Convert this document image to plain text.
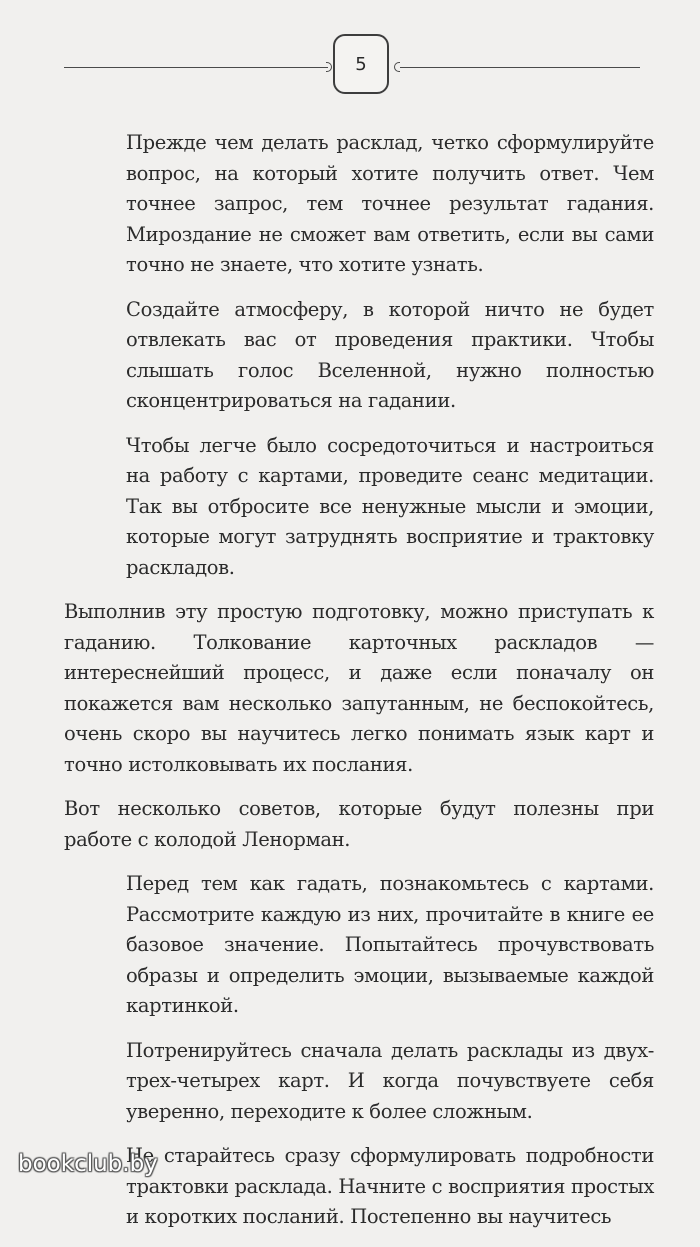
5
Прежде чем делать расклад, четко сформулируйте вопрос, на который хотите получить ответ. Чем точнее запрос, тем точнее результат гадания. Мироздание не сможет вам ответить, если вы сами точно не знаете, что хотите узнать.
Создайте атмосферу, в которой ничто не будет отвлекать вас от проведения практики. Чтобы слышать голос Вселенной, нужно полностью сконцентрироваться на гадании.
Чтобы легче было сосредоточиться и настроиться на работу с картами, проведите сеанс медитации. Так вы отбросите все ненужные мысли и эмоции, которые могут затруднять восприятие и трактовку раскладов.
Выполнив эту простую подготовку, можно приступать к гаданию. Толкование карточных раскладов — интереснейший процесс, и даже если поначалу он покажется вам несколько запутанным, не беспокойтесь, очень скоро вы научитесь легко понимать язык карт и точно истолковывать их послания.
Вот несколько советов, которые будут полезны при работе с колодой Ленорман.
Перед тем как гадать, познакомьтесь с картами. Рассмотрите каждую из них, прочитайте в книге ее базовое значение. Попытайтесь прочувствовать образы и определить эмоции, вызываемые каждой картинкой.
Потренируйтесь сначала делать расклады из двух-трех-четырех карт. И когда почувствуете себя уверенно, переходите к более сложным.
Не старайтесь сразу сформулировать подробности трактовки расклада. Начните с восприятия простых и коротких посланий. Постепенно вы научитесь
bookclub.by
